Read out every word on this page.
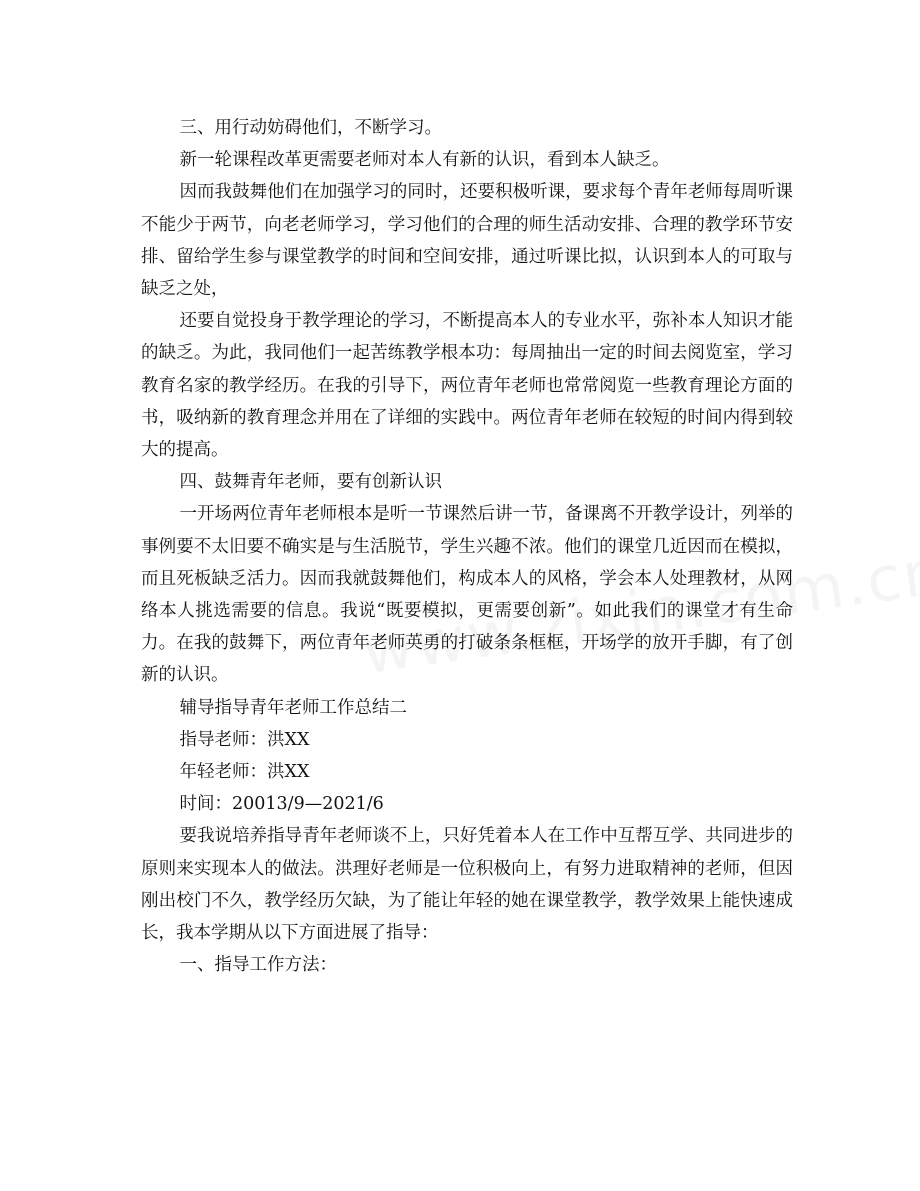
三、用行动妨碍他们，不断学习。

新一轮课程改革更需要老师对本人有新的认识，看到本人缺乏。

因而我鼓舞他们在加强学习的同时，还要积极听课，要求每个青年老师每周听课不能少于两节，向老老师学习，学习他们的合理的师生活动安排、合理的教学环节安排、留给学生参与课堂教学的时间和空间安排，通过听课比拟，认识到本人的可取与缺乏之处，

还要自觉投身于教学理论的学习，不断提高本人的专业水平，弥补本人知识才能的缺乏。为此，我同他们一起苦练教学根本功：每周抽出一定的时间去阅览室，学习教育名家的教学经历。在我的引导下，两位青年老师也常常阅览一些教育理论方面的书，吸纳新的教育理念并用在了详细的实践中。两位青年老师在较短的时间内得到较大的提高。

四、鼓舞青年老师，要有创新认识

一开场两位青年老师根本是听一节课然后讲一节，备课离不开教学设计，列举的事例要不太旧要不确实是与生活脱节，学生兴趣不浓。他们的课堂几近因而在模拟，而且死板缺乏活力。因而我就鼓舞他们，构成本人的风格，学会本人处理教材，从网络本人挑选需要的信息。我说“既要模拟，更需要创新”。如此我们的课堂才有生命力。在我的鼓舞下，两位青年老师英勇的打破条条框框，开场学的放开手脚，有了创新的认识。

辅导指导青年老师工作总结二

指导老师：洪XX

年轻老师：洪XX

时间：20013/9—2021/6

要我说培养指导青年老师谈不上，只好凭着本人在工作中互帮互学、共同进步的原则来实现本人的做法。洪理好老师是一位积极向上，有努力进取精神的老师，但因刚出校门不久，教学经历欠缺，为了能让年轻的她在课堂教学，教学效果上能快速成长，我本学期从以下方面进展了指导：

一、指导工作方法：
